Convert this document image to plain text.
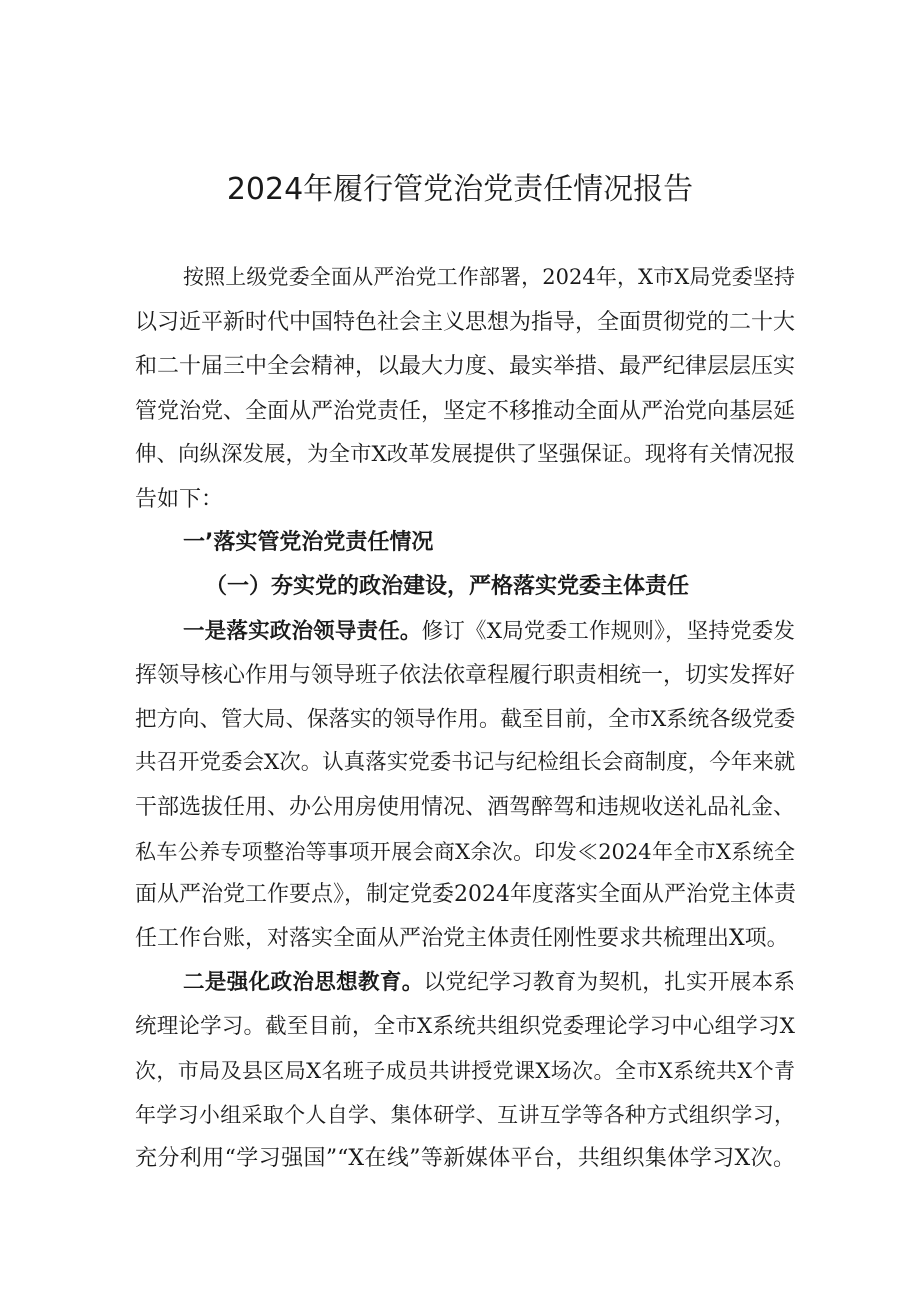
2024年履行管党治党责任情况报告

按照上级党委全面从严治党工作部署，2024年，X市X局党委坚持

以习近平新时代中国特色社会主义思想为指导，全面贯彻党的二十大

和二十届三中全会精神，以最大力度、最实举措、最严纪律层层压实

管党治党、全面从严治党责任，坚定不移推动全面从严治党向基层延

伸、向纵深发展，为全市X改革发展提供了坚强保证。现将有关情况报

告如下：

一’落实管党治党责任情况

（一）夯实党的政治建设，严格落实党委主体责任

一是落实政治领导责任。修订《X局党委工作规则》，坚持党委发

挥领导核心作用与领导班子依法依章程履行职责相统一，切实发挥好

把方向、管大局、保落实的领导作用。截至目前，全市X系统各级党委

共召开党委会X次。认真落实党委书记与纪检组长会商制度，今年来就

干部选拔任用、办公用房使用情况、酒驾醉驾和违规收送礼品礼金、

私车公养专项整治等事项开展会商X余次。印发≪2024年全市X系统全

面从严治党工作要点》，制定党委2024年度落实全面从严治党主体责

任工作台账，对落实全面从严治党主体责任刚性要求共梳理出X项。

二是强化政治思想教育。以党纪学习教育为契机，扎实开展本系

统理论学习。截至目前，全市X系统共组织党委理论学习中心组学习X

次，市局及县区局X名班子成员共讲授党课X场次。全市X系统共X个青

年学习小组采取个人自学、集体研学、互讲互学等各种方式组织学习，

充分利用“学习强国”“X在线”等新媒体平台，共组织集体学习X次。
